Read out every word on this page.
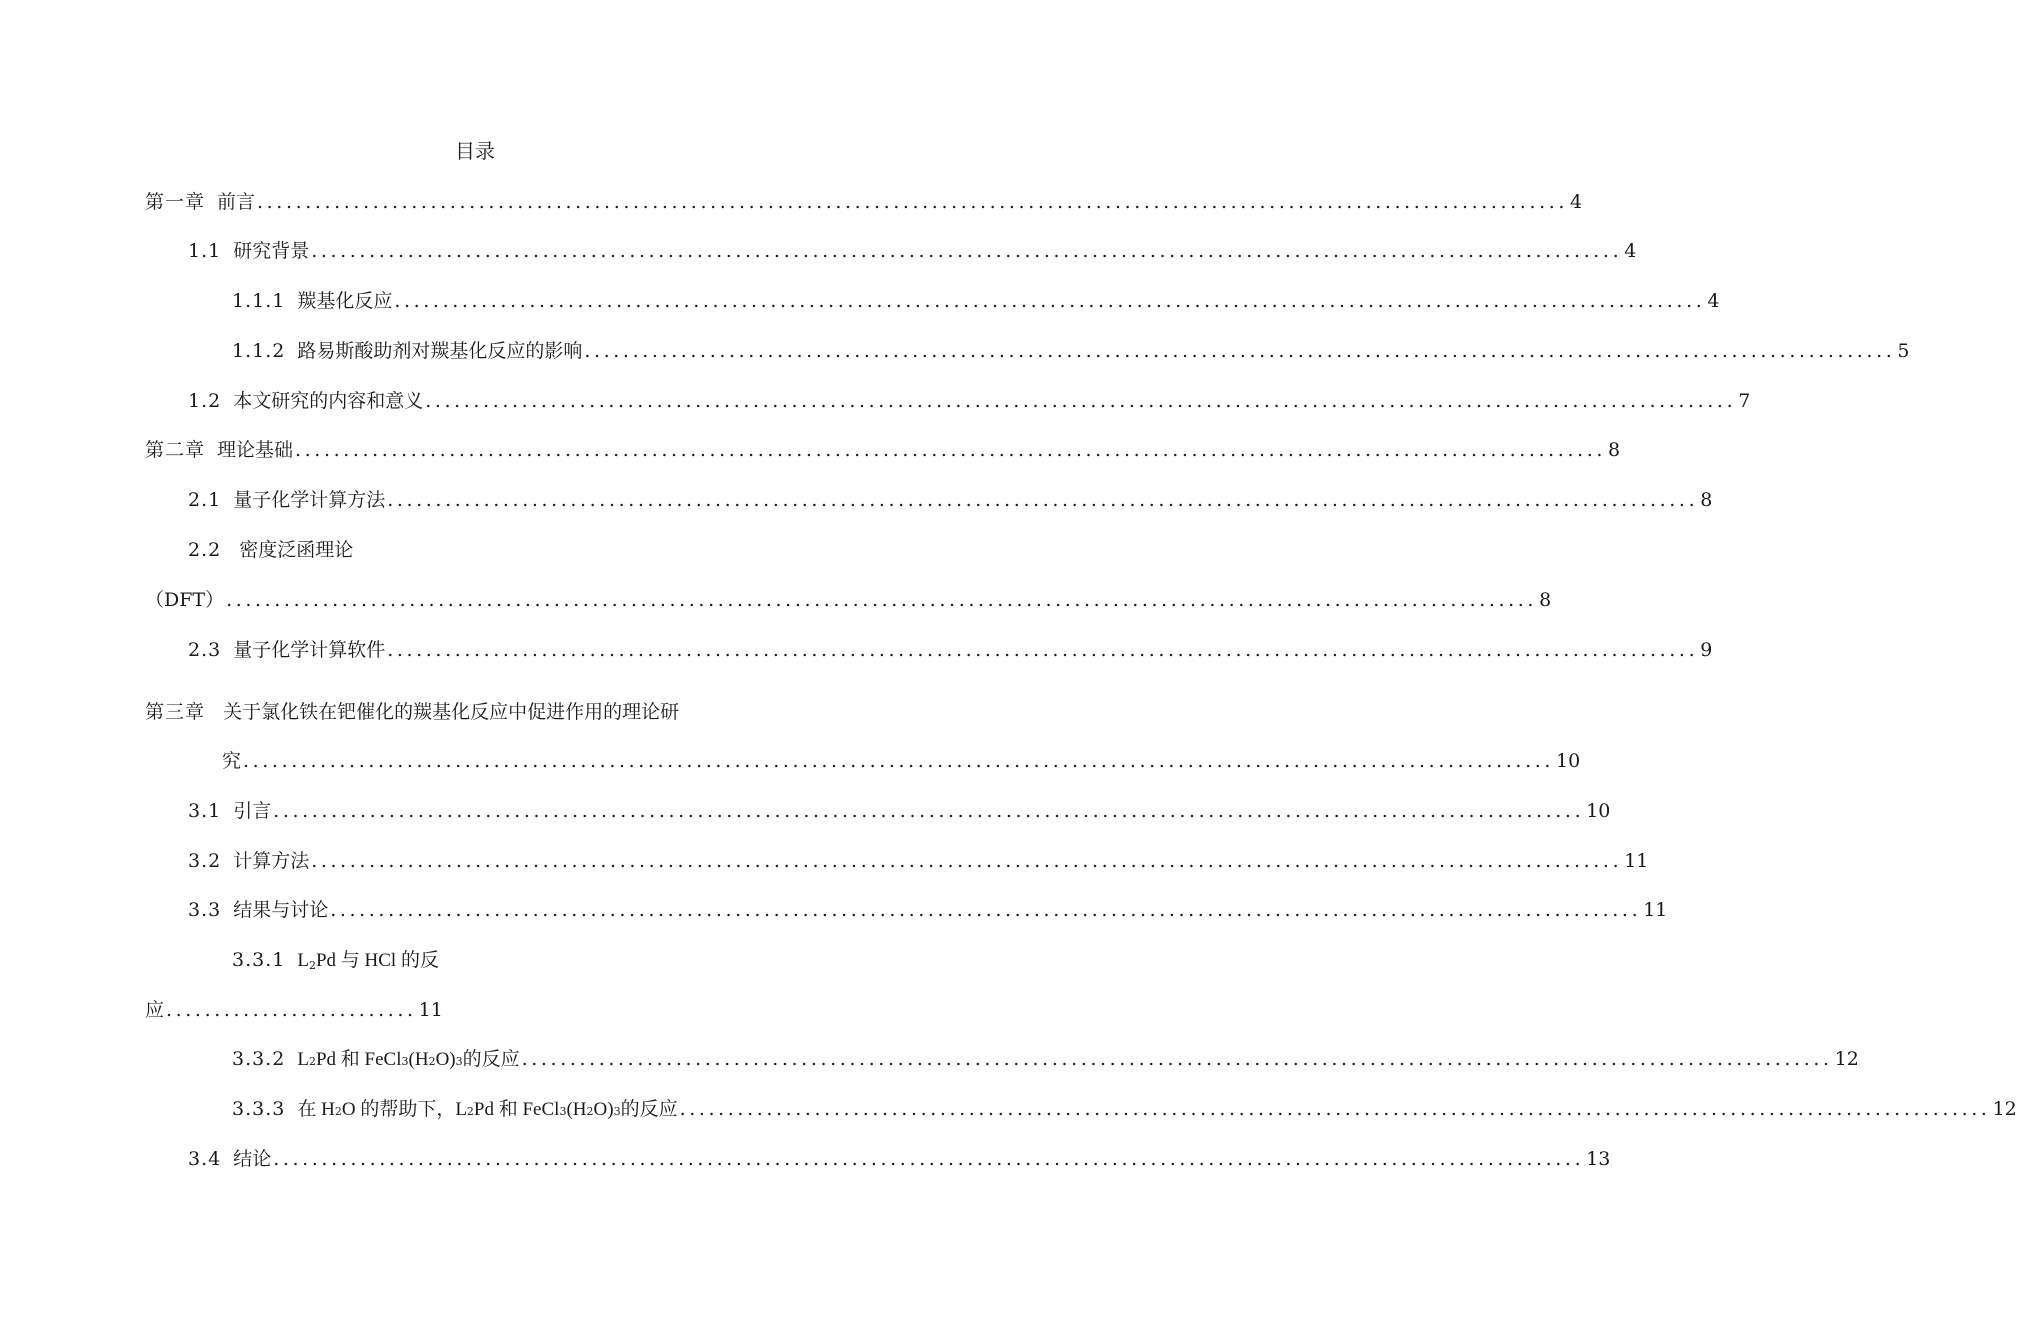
目录
第一章 前言 ........................................................................................................................................ 4
1.1 研究背景 ........................................................................................................................................ 4
1.1.1 羰基化反应 ........................................................................................................................................ 4
1.1.2 路易斯酸助剂对羰基化反应的影响 ........................................................................................................................................ 5
1.2 本文研究的内容和意义 ........................................................................................................................................ 7
第二章 理论基础 ........................................................................................................................................ 8
2.1 量子化学计算方法 ........................................................................................................................................ 8
2.2 密度泛函理论
（DFT） ........................................................................................................................................ 8
2.3 量子化学计算软件 ........................................................................................................................................ 9
第三章 关于氯化铁在钯催化的羰基化反应中促进作用的理论研
究 ........................................................................................................................................ 10
3.1 引言 ........................................................................................................................................ 10
3.2 计算方法 ........................................................................................................................................ 11
3.3 结果与讨论 ........................................................................................................................................ 11
3.3.1 $L_2Pd$ 与 HCl 的反
应 .......................... 11
3.3.2 L 2 Pd 和 FeCl 3 (H 2 O) 3 的反应 ........................................................................................................................................ 12
3.3.3 在 H 2 O 的帮助下，L 2 Pd 和 FeCl 3 (H 2 O) 3 的反应 ........................................................................................................................................ 12
3.4 结论 ........................................................................................................................................ 13
